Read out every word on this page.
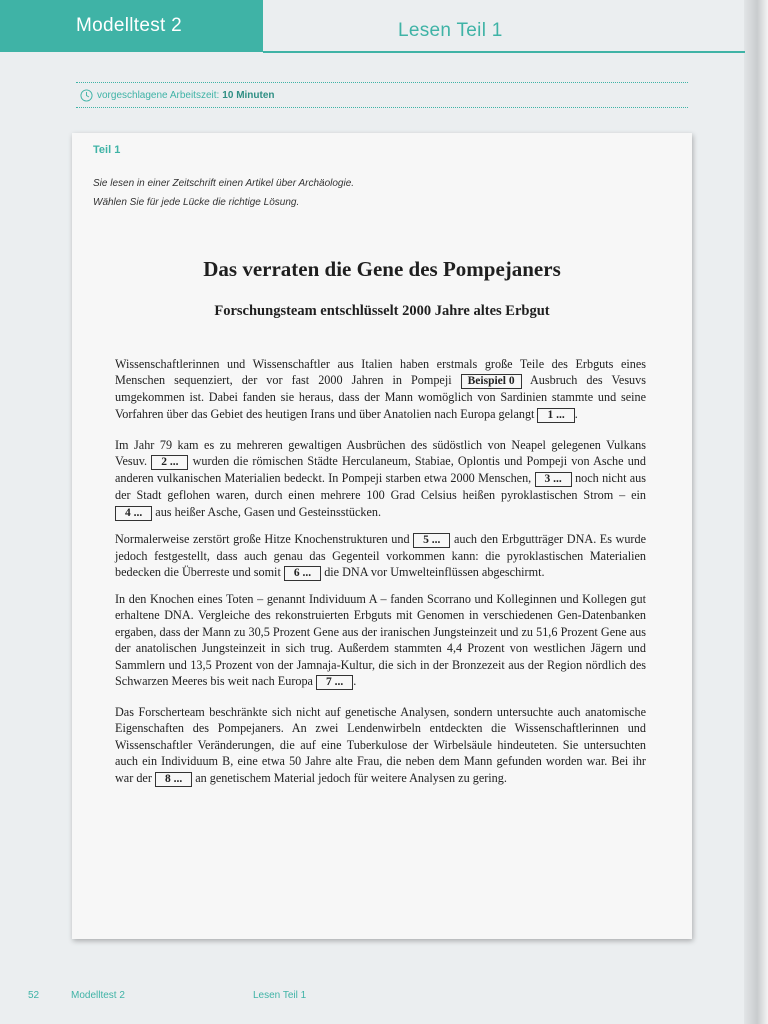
Modelltest 2	Lesen Teil 1
vorgeschlagene Arbeitszeit: 10 Minuten
Teil 1
Sie lesen in einer Zeitschrift einen Artikel über Archäologie.
Wählen Sie für jede Lücke die richtige Lösung.
Das verraten die Gene des Pompejaners
Forschungsteam entschlüsselt 2000 Jahre altes Erbgut

Wissenschaftlerinnen und Wissenschaftler aus Italien haben erstmals große Teile des Erbguts eines Menschen sequenziert, der vor fast 2000 Jahren in Pompeji Beispiel 0 Ausbruch des Vesuvs umgekommen ist. Dabei fanden sie heraus, dass der Mann womöglich von Sardinien stammte und seine Vorfahren über das Gebiet des heutigen Irans und über Anatolien nach Europa gelangt 1 ... .

Im Jahr 79 kam es zu mehreren gewaltigen Ausbrüchen des südöstlich von Neapel gelegenen Vulkans Vesuv. 2 ... wurden die römischen Städte Herculaneum, Stabiae, Oplontis und Pompeji von Asche und anderen vulkanischen Materialien bedeckt. In Pompeji starben etwa 2000 Menschen, 3 ... noch nicht aus der Stadt geflohen waren, durch einen mehrere 100 Grad Celsius heißen pyroklastischen Strom – ein 4 ... aus heißer Asche, Gasen und Gesteinsstücken.

Normalerweise zerstört große Hitze Knochenstrukturen und 5 ... auch den Erbgutträger DNA. Es wurde jedoch festgestellt, dass auch genau das Gegenteil vorkommen kann: die pyroklastischen Materialien bedecken die Überreste und somit 6 ... die DNA vor Umwelteinflüssen abgeschirmt.

In den Knochen eines Toten – genannt Individuum A – fanden Scorrano und Kolleginnen und Kollegen gut erhaltene DNA. Vergleiche des rekonstruierten Erbguts mit Genomen in verschiedenen Gen-Datenbanken ergaben, dass der Mann zu 30,5 Prozent Gene aus der iranischen Jungsteinzeit und zu 51,6 Prozent Gene aus der anatolischen Jungsteinzeit in sich trug. Außerdem stammten 4,4 Prozent von westlichen Jägern und Sammlern und 13,5 Prozent von der Jamnaja-Kultur, die sich in der Bronzezeit aus der Region nördlich des Schwarzen Meeres bis weit nach Europa 7 ... .

Das Forscherteam beschränkte sich nicht auf genetische Analysen, sondern untersuchte auch anatomische Eigenschaften des Pompejaners. An zwei Lendenwirbeln entdeckten die Wissenschaftlerinnen und Wissenschaftler Veränderungen, die auf eine Tuberkulose der Wirbelsäule hindeuteten. Sie untersuchten auch ein Individuum B, eine etwa 50 Jahre alte Frau, die neben dem Mann gefunden worden war. Bei ihr war der 8 ... an genetischem Material jedoch für weitere Analysen zu gering.

52	Modelltest 2	Lesen Teil 1
